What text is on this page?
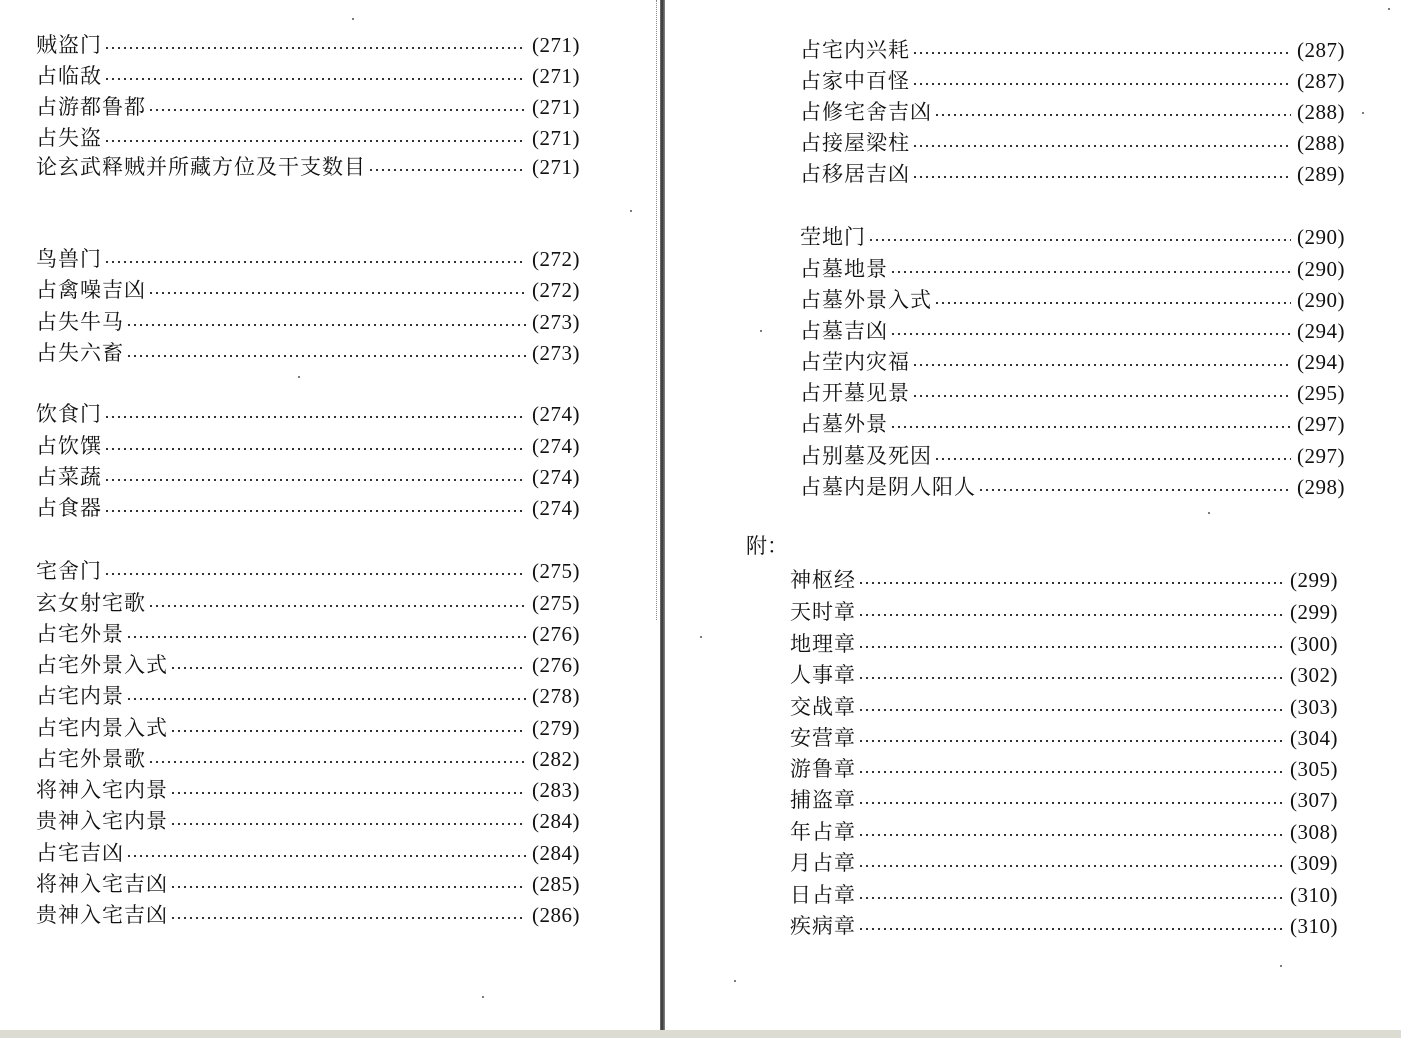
贼盗门	(271)
占临敌	(271)
占游都鲁都	(271)
占失盗	(271)
论玄武释贼并所藏方位及干支数目	(271)
鸟兽门	(272)
占禽噪吉凶	(272)
占失牛马	(273)
占失六畜	(273)
饮食门	(274)
占饮馔	(274)
占菜蔬	(274)
占食器	(274)
宅舍门	(275)
玄女射宅歌	(275)
占宅外景	(276)
占宅外景入式	(276)
占宅内景	(278)
占宅内景入式	(279)
占宅外景歌	(282)
将神入宅内景	(283)
贵神入宅内景	(284)
占宅吉凶	(284)
将神入宅吉凶	(285)
贵神入宅吉凶	(286)
占宅内兴耗	(287)
占家中百怪	(287)
占修宅舍吉凶	(288)
占接屋梁柱	(288)
占移居吉凶	(289)
茔地门	(290)
占墓地景	(290)
占墓外景入式	(290)
占墓吉凶	(294)
占茔内灾福	(294)
占开墓见景	(295)
占墓外景	(297)
占别墓及死因	(297)
占墓内是阴人阳人	(298)
附：
神枢经	(299)
天时章	(299)
地理章	(300)
人事章	(302)
交战章	(303)
安营章	(304)
游鲁章	(305)
捕盗章	(307)
年占章	(308)
月占章	(309)
日占章	(310)
疾病章	(310)
